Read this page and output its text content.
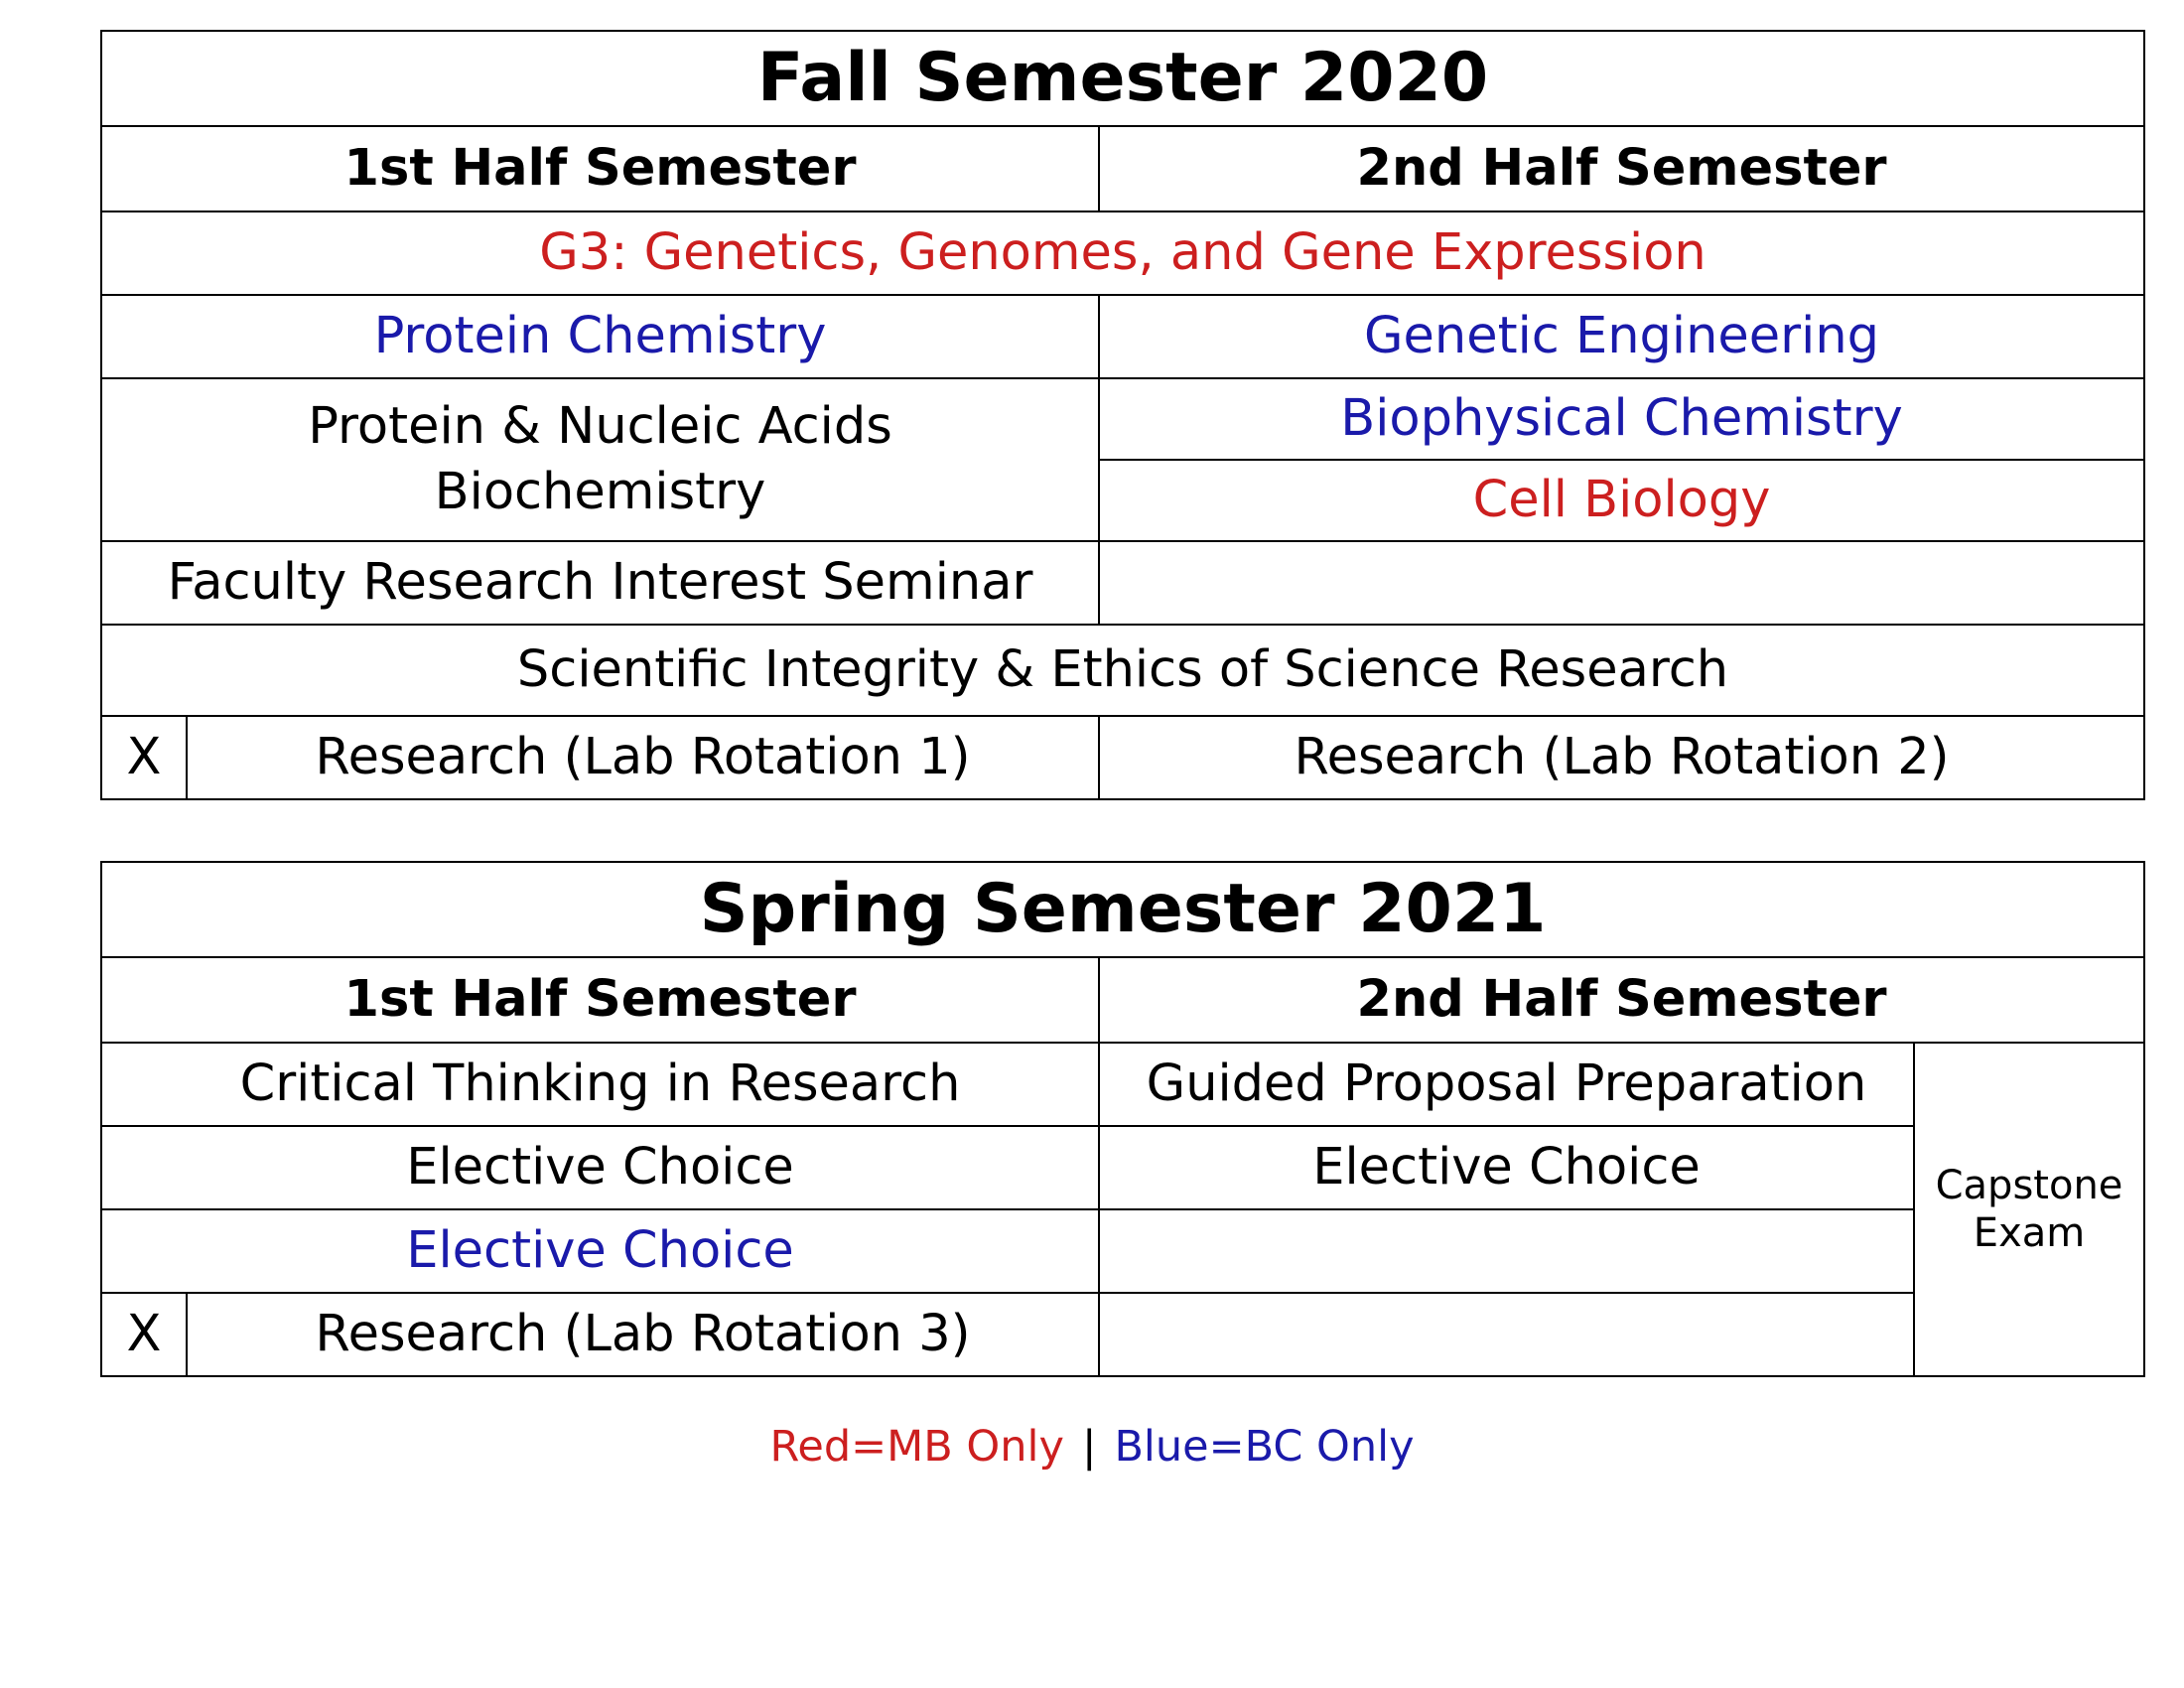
Fall Semester 2020		
1st Half Semester		2nd Half Semester
G3: Genetics, Genomes, and Gene Expression		
Protein Chemistry		Genetic Engineering

Protein & Nucleic Acids
Biochemistry		Biophysical Chemistry
		Cell Biology
Faculty Research Interest Seminar		
Scientific Integrity & Ethics of Science Research		
X	Research (Lab Rotation 1)	Research (Lab Rotation 2)
Spring Semester 2021			
1st Half Semester		2nd Half Semester	
Critical Thinking in Research		Guided Proposal Preparation	Capstone
Exam

Elective Choice		Elective Choice	
Elective Choice			
X	Research (Lab Rotation 3)		
Red=MB Only | Blue=BC Only
